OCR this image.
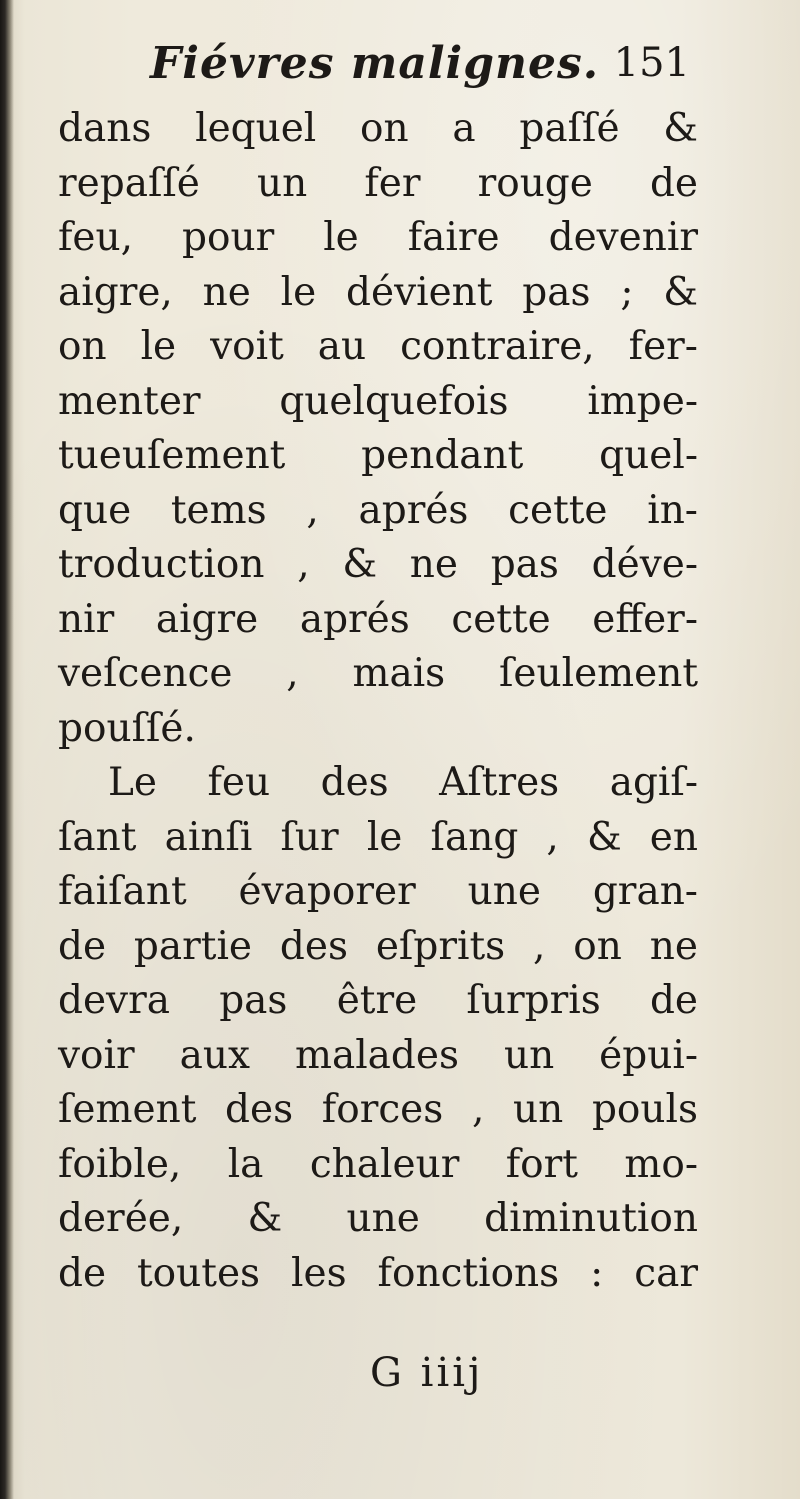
Fiévres malignes. 151
dans lequel on a paſſé &
repaſſé un fer rouge de
feu, pour le faire devenir
aigre, ne le dévient pas ; &
on le voit au contraire, fer-
menter quelquefois impe-
tueuſement pendant quel-
que tems , aprés cette in-
troduction , & ne pas déve-
nir aigre aprés cette effer-
veſcence , mais ſeulement
pouſſé.
Le feu des Aſtres agiſ-
ſant ainſi ſur le ſang , & en
faiſant évaporer une gran-
de partie des eſprits , on ne
devra pas être ſurpris de
voir aux malades un épui-
ſement des forces , un pouls
foible, la chaleur fort mo-
derée, & une diminution
de toutes les fonctions : car
G iiij
